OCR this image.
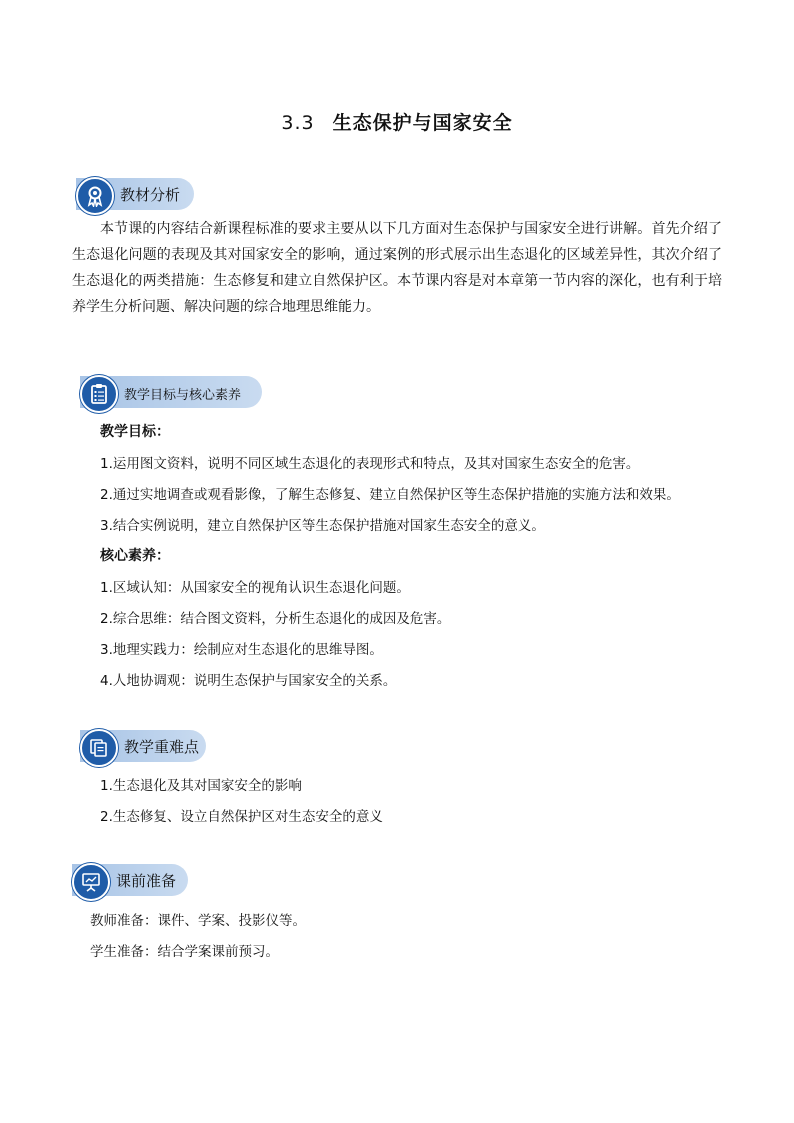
3.3 生态保护与国家安全
教材分析
本节课的内容结合新课程标准的要求主要从以下几方面对生态保护与国家安全进行讲解。首先介绍了生态退化问题的表现及其对国家安全的影响，通过案例的形式展示出生态退化的区域差异性，其次介绍了生态退化的两类措施：生态修复和建立自然保护区。本节课内容是对本章第一节内容的深化，也有利于培养学生分析问题、解决问题的综合地理思维能力。
教学目标与核心素养
教学目标：
1.运用图文资料，说明不同区域生态退化的表现形式和特点，及其对国家生态安全的危害。
2.通过实地调查或观看影像，了解生态修复、建立自然保护区等生态保护措施的实施方法和效果。
3.结合实例说明，建立自然保护区等生态保护措施对国家生态安全的意义。
核心素养：
1.区域认知：从国家安全的视角认识生态退化问题。
2.综合思维：结合图文资料，分析生态退化的成因及危害。
3.地理实践力：绘制应对生态退化的思维导图。
4.人地协调观：说明生态保护与国家安全的关系。
教学重难点
1.生态退化及其对国家安全的影响
2.生态修复、设立自然保护区对生态安全的意义
课前准备
教师准备：课件、学案、投影仪等。
学生准备：结合学案课前预习。
